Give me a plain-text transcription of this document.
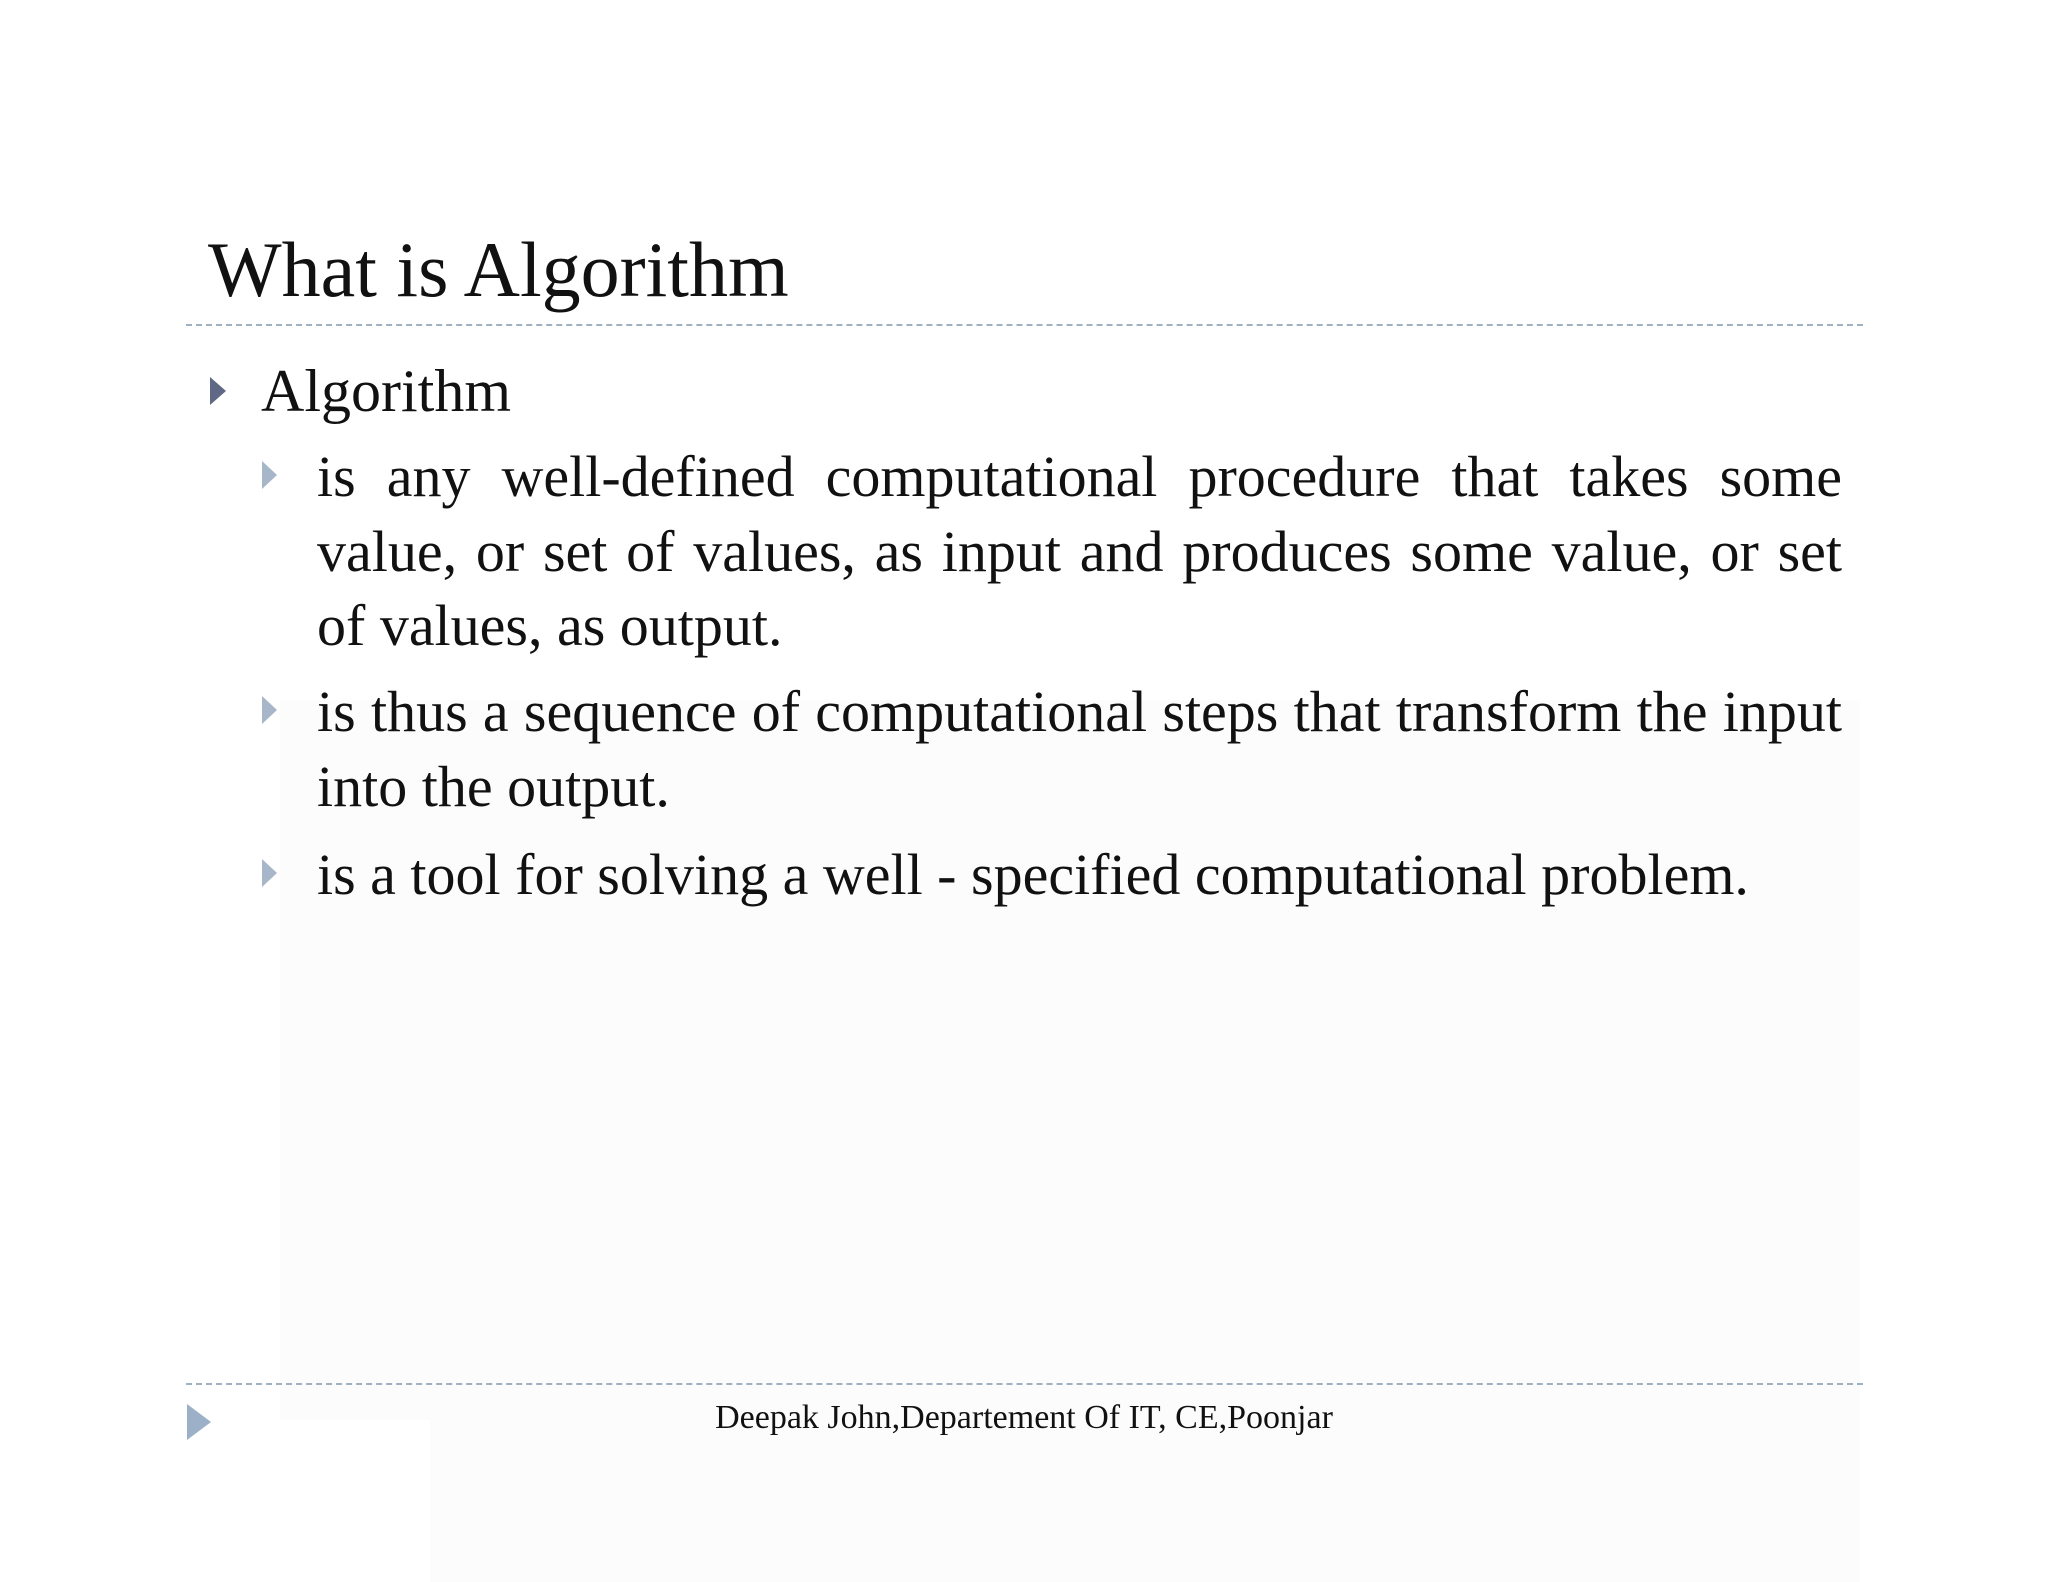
What is Algorithm
Algorithm
is any well-defined computational procedure that takes some value, or set of values, as input and produces some value, or set of values, as output.
is thus a sequence of computational steps that transform the input into the output.
is a tool for solving a well - specified computational problem.
Deepak John,Departement Of IT, CE,Poonjar
